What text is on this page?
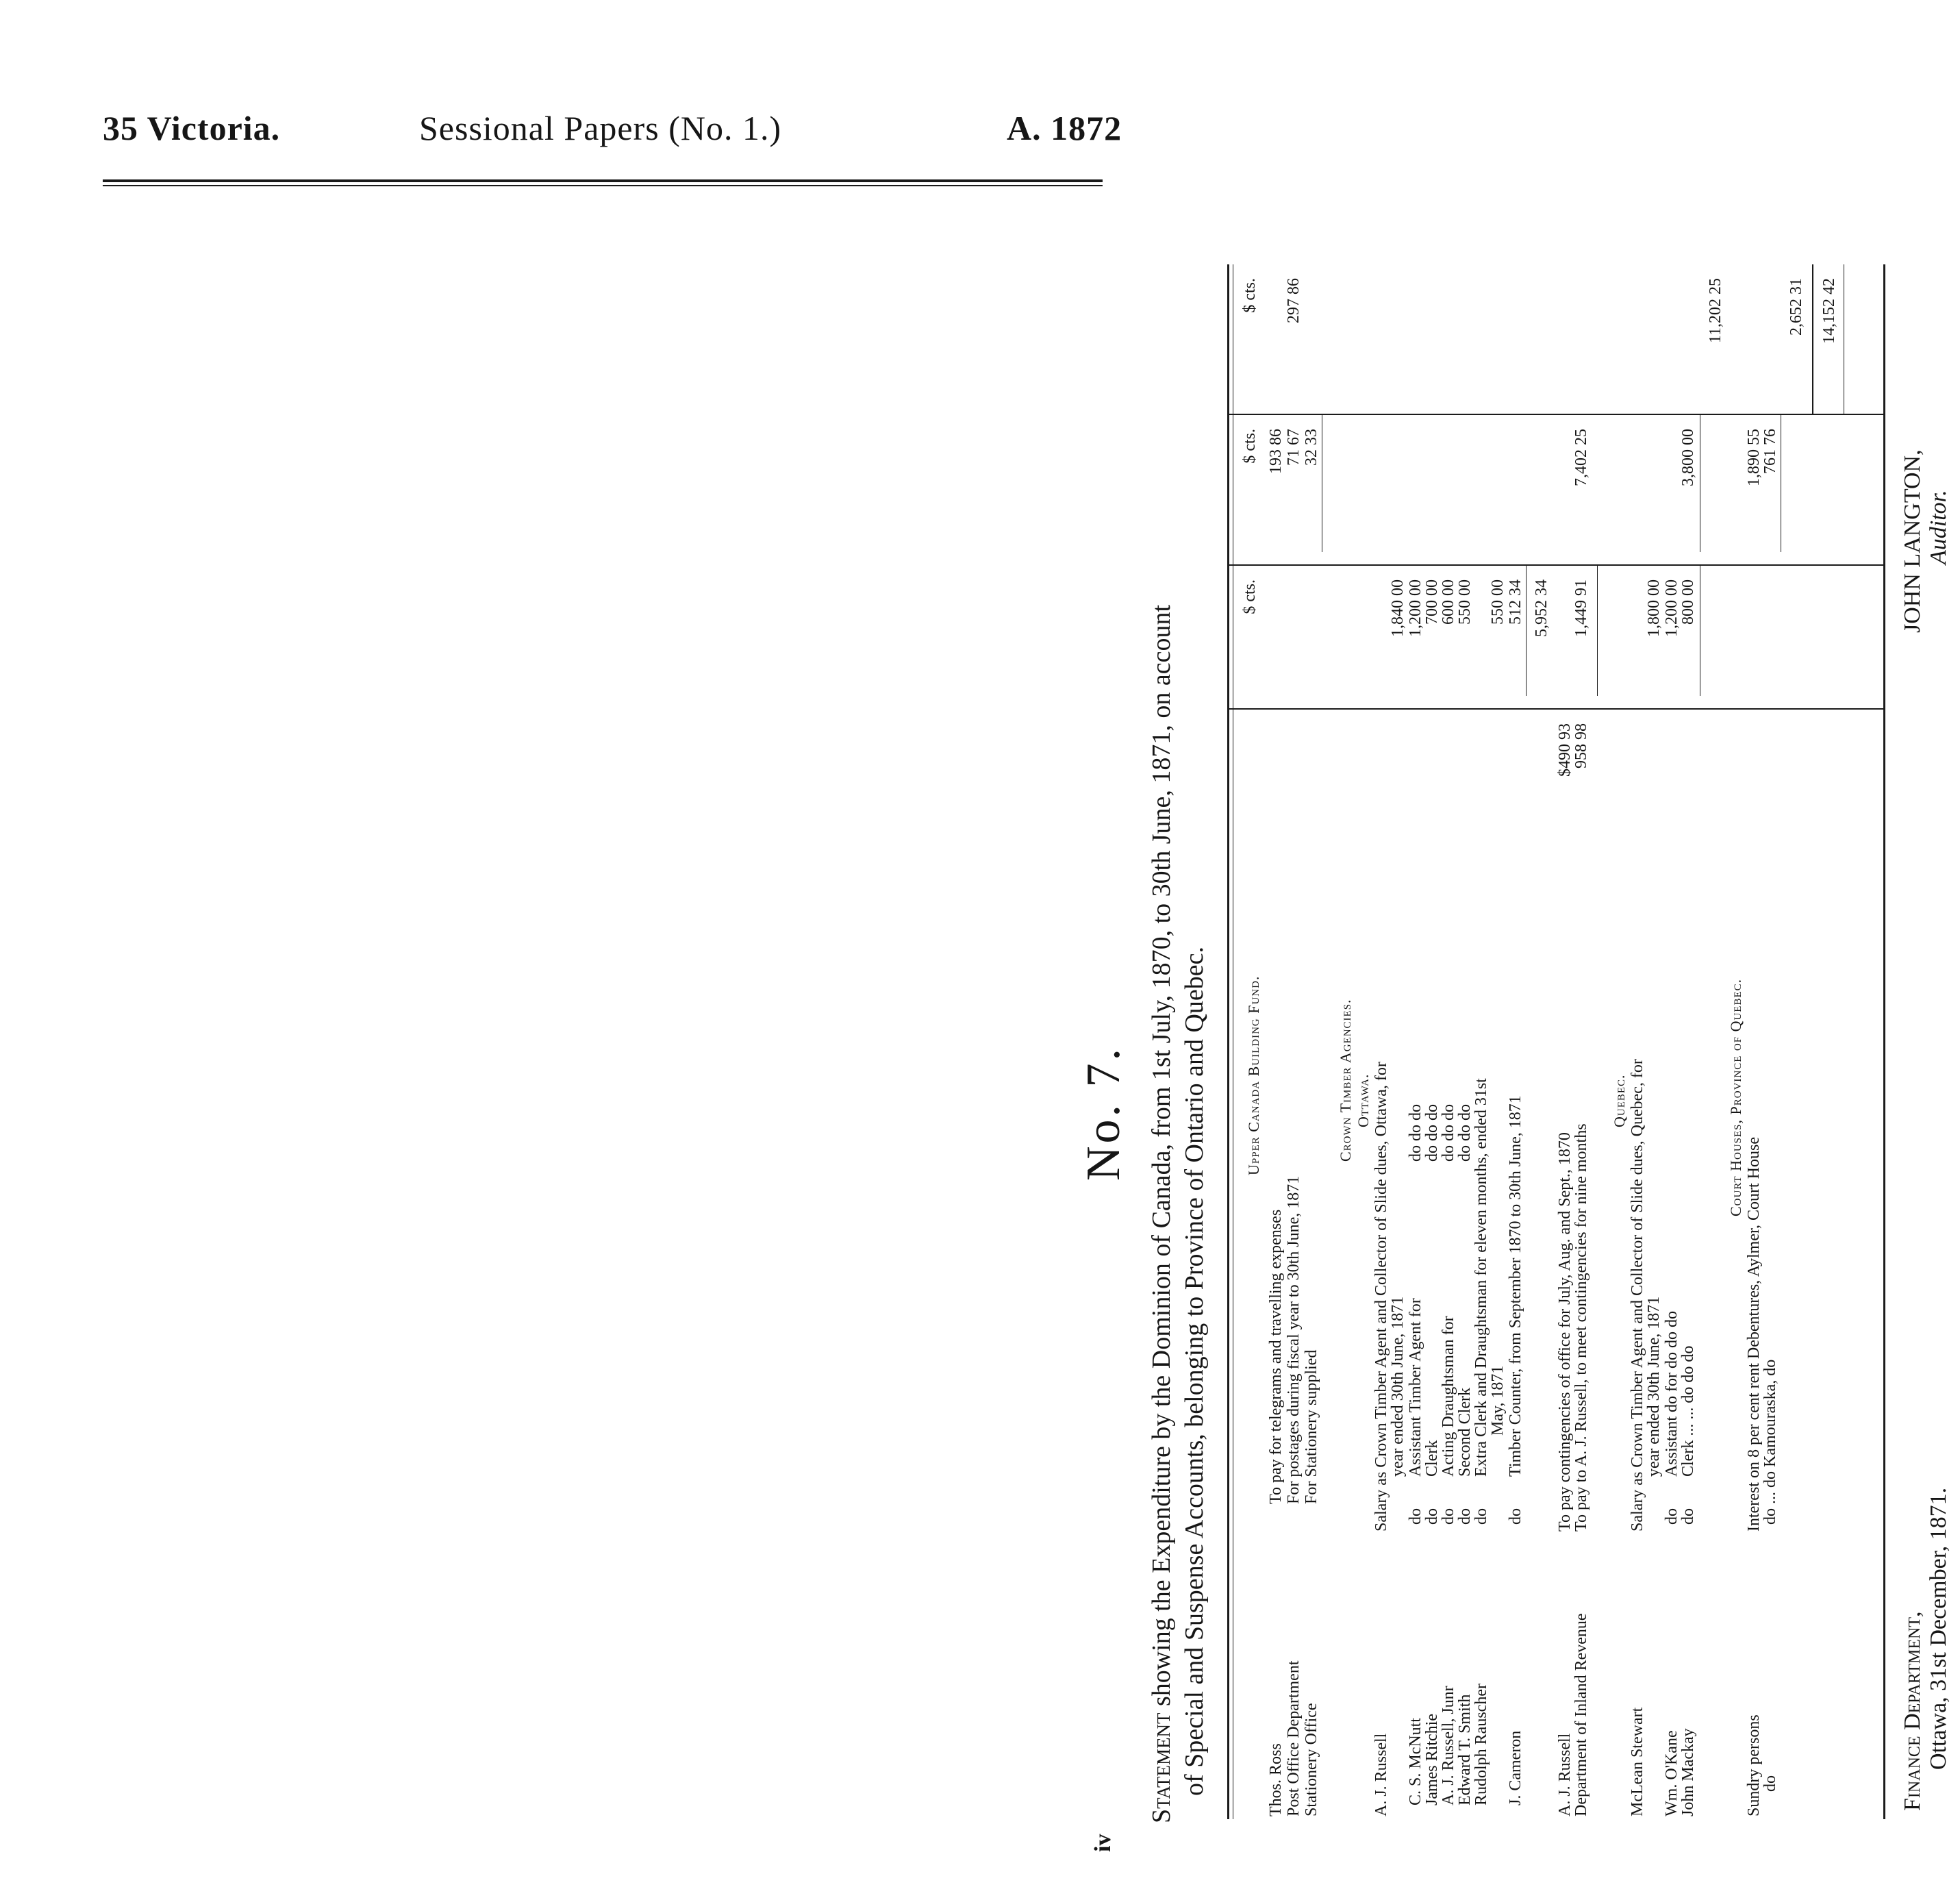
35 Victoria.	Sessional Papers (No. 1.)	A. 1872
iv
No. 7.
Statement showing the Expenditure by the Dominion of Canada, from 1st July, 1870, to 30th June, 1871, on account of Special and Suspense Accounts, belonging to Province of Ontario and Quebec.
$ cts.
$ cts.
$ cts.
Upper Canada Building Fund.
Thos. Ross
To pay for telegrams and travelling expenses
193 86
Post Office Department
For postages during fiscal year to 30th June, 1871
71 67
Stationery Office
For Stationery supplied
32 33
297 86
Crown Timber Agencies. Ottawa.
A. J. Russell
Salary as Crown Timber Agent and Collector of Slide dues, Ottawa, for
year ended 30th June, 1871
1,840 00
C. S. McNutt
do
Assistant Timber Agent for
do do do
1,200 00
James Ritchie
do
Clerk
do do do
700 00
A. J. Russell, Junr
do
Acting Draughtsman for
do do do
600 00
Edward T. Smith
do
Second Clerk
do do do
550 00
Rudolph Rauscher
do
Extra Clerk and Draughtsman for eleven months, ended 31st
May, 1871
550 00
J. Cameron
do
Timber Counter, from September 1870 to 30th June, 1871
512 34 5,952 34
A. J. Russell
To pay contingencies of office for July, Aug. and Sept., 1870
$490 93
Department of Inland Revenue
To pay to A. J. Russell, to meet contingencies for nine months
958 98
1,449 91
7,402 25
Quebec.
McLean Stewart
Salary as Crown Timber Agent and Collector of Slide dues, Quebec, for
year ended 30th June, 1871
1,800 00
Wm. O'Kane
do
Assistant do for do do do
1,200 00
John Mackay
do
Clerk ... ... do do do
800 00
3,800 00
11,202 25
Court Houses, Province of Quebec.
Sundry persons
Interest on 8 per cent rent Debentures, Aylmer, Court House
1,890 55
do
do ... do Kamouraska, do
761 76
2,652 31 14,152 42
Finance Department, Ottawa, 31st December, 1871.
JOHN LANGTON, Auditor.
